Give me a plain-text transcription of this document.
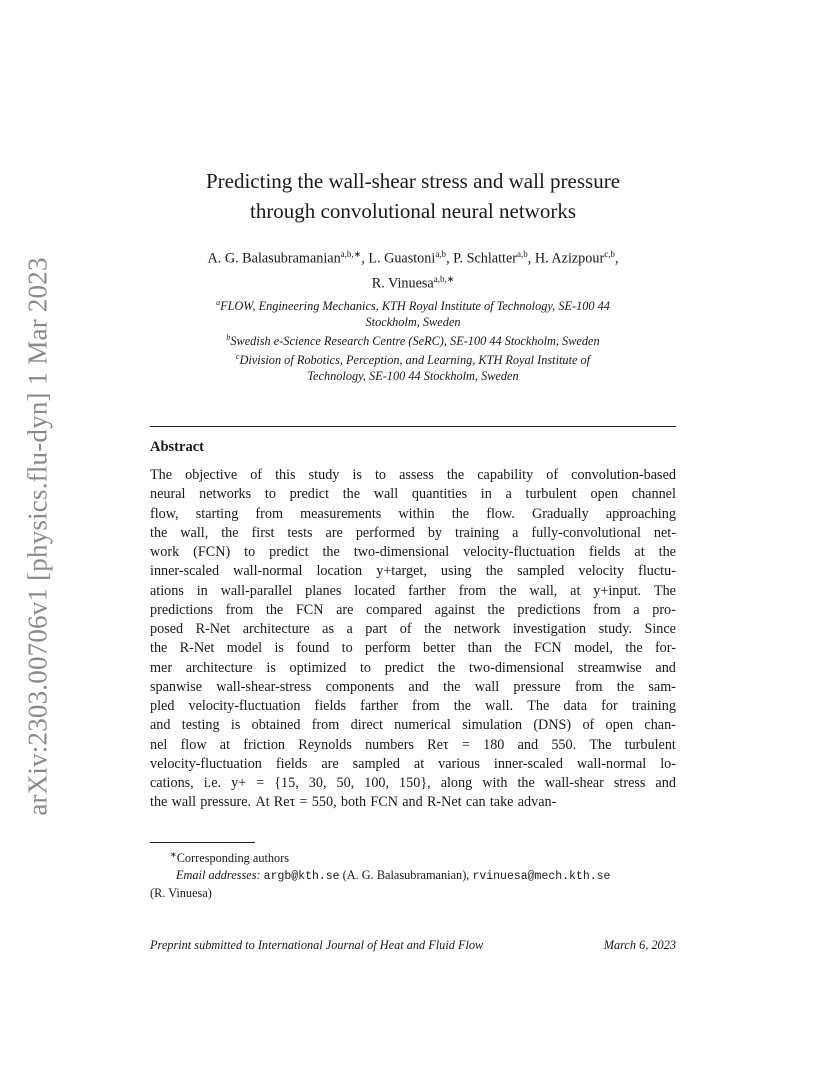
arXiv:2303.00706v1 [physics.flu-dyn] 1 Mar 2023
Predicting the wall-shear stress and wall pressure
through convolutional neural networks
A. G. Balasubramanian$^{a,b,∗}$, L. Guastoni$^{a,b}$, P. Schlatter$^{a,b}$, H. Azizpour$^{c,b}$,
R. Vinuesa$^{a,b,∗}$
$^a$FLOW, Engineering Mechanics, KTH Royal Institute of Technology, SE-100 44
Stockholm, Sweden
$^b$Swedish e-Science Research Centre (SeRC), SE-100 44 Stockholm, Sweden
$^c$Division of Robotics, Perception, and Learning, KTH Royal Institute of
Technology, SE-100 44 Stockholm, Sweden
Abstract
The objective of this study is to assess the capability of convolution-based
neural networks to predict the wall quantities in a turbulent open channel
flow, starting from measurements within the flow. Gradually approaching
the wall, the first tests are performed by training a fully-convolutional net-
work (FCN) to predict the two-dimensional velocity-fluctuation fields at the
inner-scaled wall-normal location y+target, using the sampled velocity fluctu-
ations in wall-parallel planes located farther from the wall, at y+input. The
predictions from the FCN are compared against the predictions from a pro-
posed R-Net architecture as a part of the network investigation study. Since
the R-Net model is found to perform better than the FCN model, the for-
mer architecture is optimized to predict the two-dimensional streamwise and
spanwise wall-shear-stress components and the wall pressure from the sam-
pled velocity-fluctuation fields farther from the wall. The data for training
and testing is obtained from direct numerical simulation (DNS) of open chan-
nel flow at friction Reynolds numbers Reτ = 180 and 550. The turbulent
velocity-fluctuation fields are sampled at various inner-scaled wall-normal lo-
cations, i.e. y+ = {15, 30, 50, 100, 150}, along with the wall-shear stress and
the wall pressure. At Reτ = 550, both FCN and R-Net can take advan-
∗Corresponding authors
Email addresses: argb@kth.se (A. G. Balasubramanian), rvinuesa@mech.kth.se
(R. Vinuesa)
Preprint submitted to International Journal of Heat and Fluid Flow	March 6, 2023
